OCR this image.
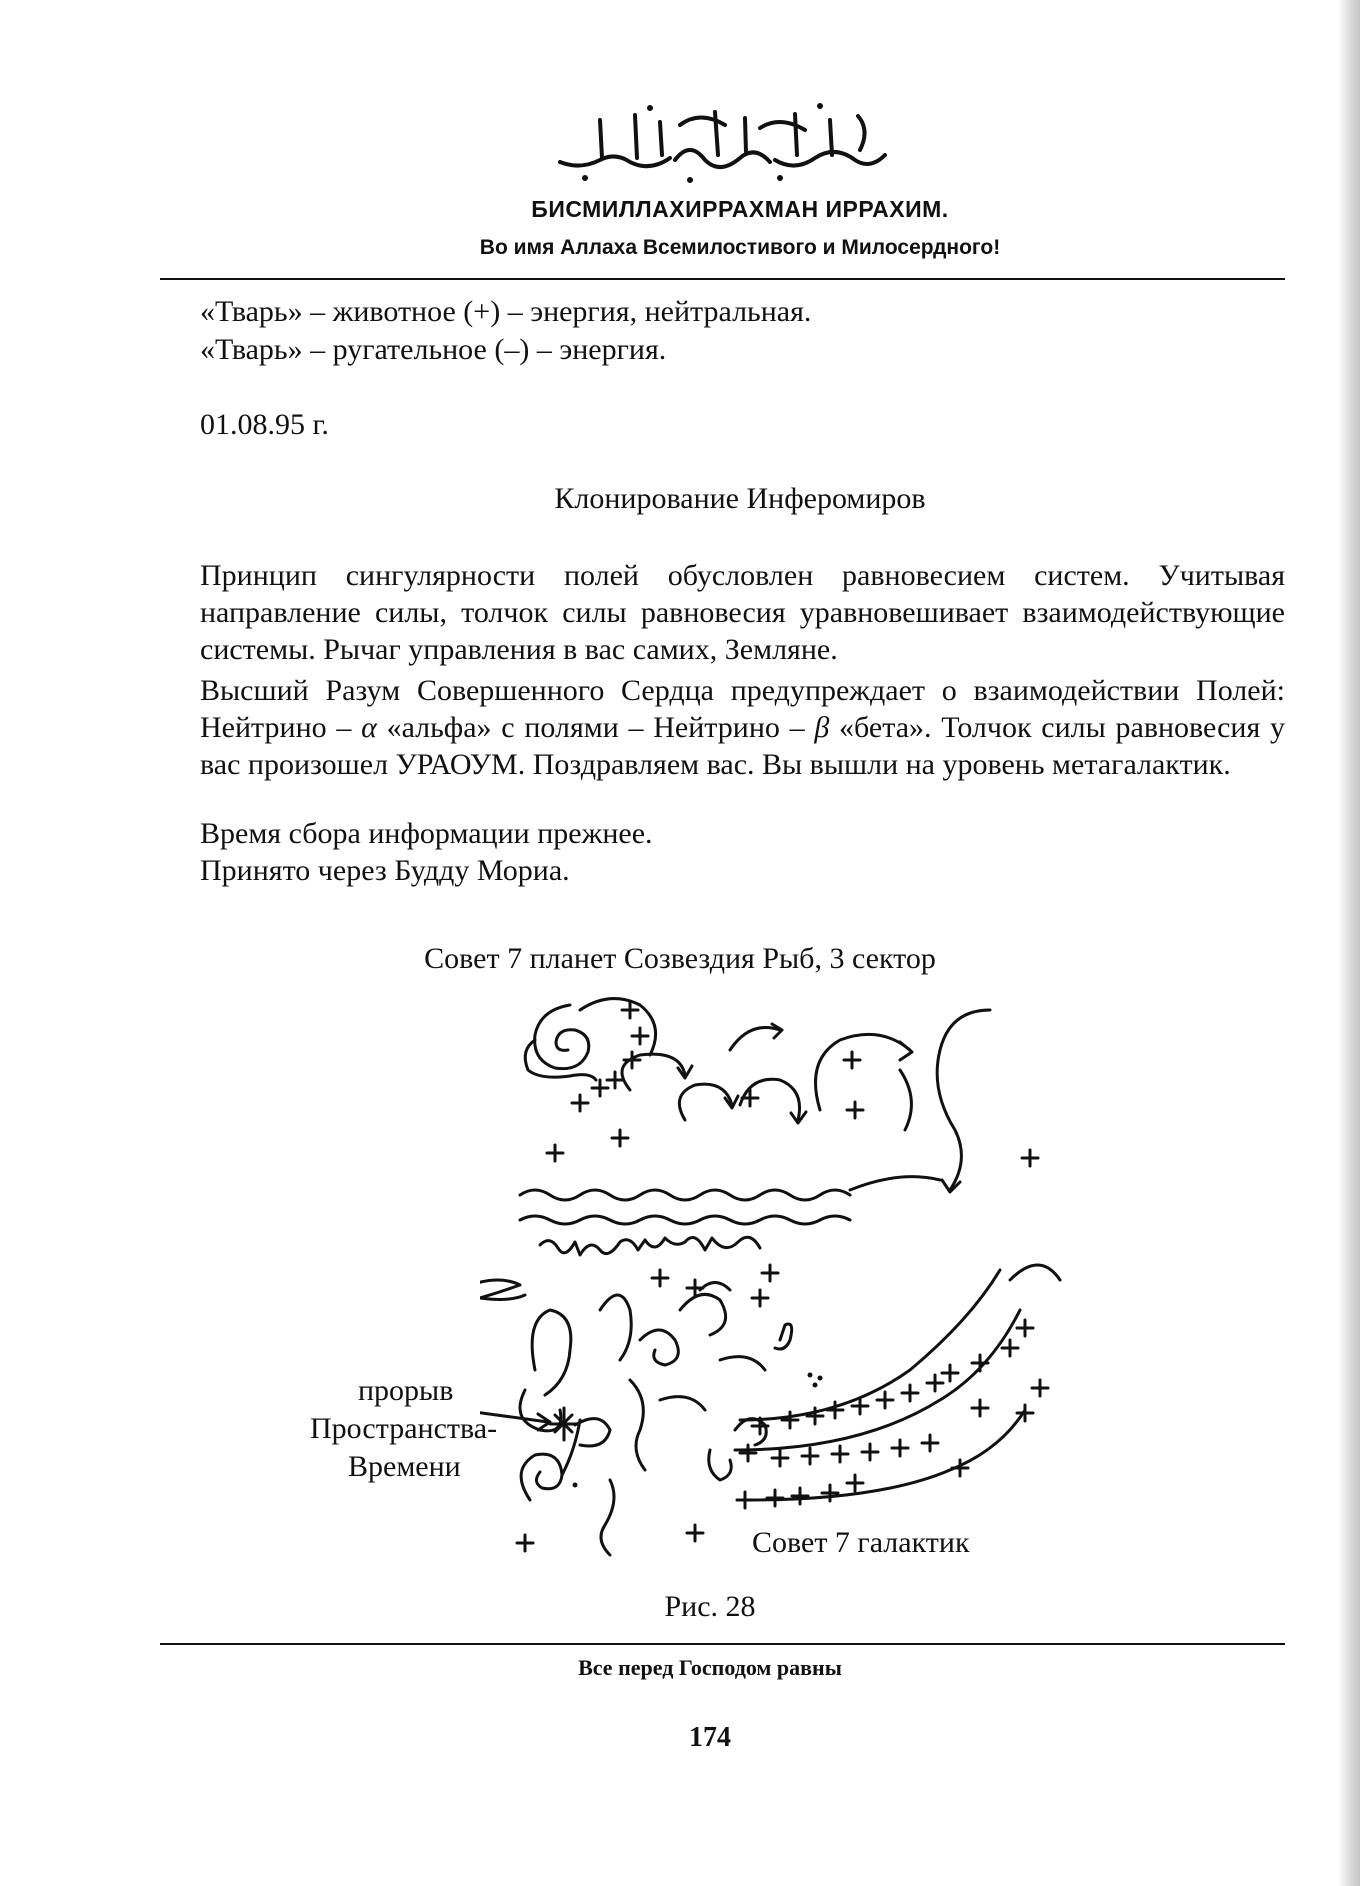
БИСМИЛЛАХИРРАХМАН ИРРАХИМ.
Во имя Аллаха Всемилостивого и Милосердного!
«Тварь» – животное (+) – энергия, нейтральная.
«Тварь» – ругательное (–) – энергия.
01.08.95 г.
Клонирование Инферомиров
Принцип сингулярности полей обусловлен равновесием систем. Учитывая направление силы, толчок силы равновесия уравновешивает взаимодействующие системы. Рычаг управления в вас самих, Земляне.
Высший Разум Совершенного Сердца предупреждает о взаимодействии Полей: Нейтрино – α «альфа» с полями – Нейтрино – β «бета». Толчок силы равновесия у вас произошел УРАОУМ. Поздравляем вас. Вы вышли на уровень метагалактик.
Время сбора информации прежнее.
Принято через Будду Мориа.
Совет 7 планет Созвездия Рыб, 3 сектор
прорыв
Пространства-
Времени
Совет 7 галактик
Рис. 28
Все перед Господом равны
174
